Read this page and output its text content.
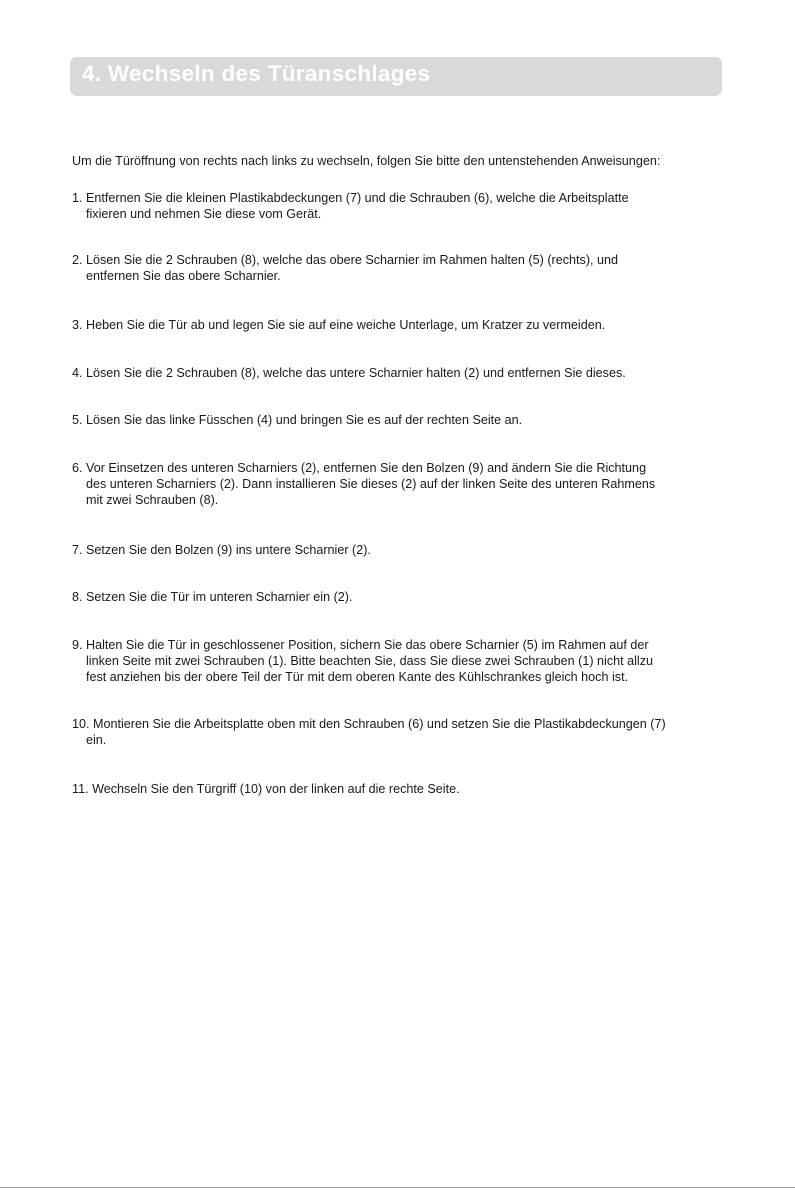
4. Wechseln des Türanschlages
Um die Türöffnung von rechts nach links zu wechseln, folgen Sie bitte den untenstehenden Anweisungen:
1. Entfernen Sie die kleinen Plastikabdeckungen (7) und die Schrauben (6), welche die Arbeitsplatte
fixieren und nehmen Sie diese vom Gerät.
2. Lösen Sie die 2 Schrauben (8), welche das obere Scharnier im Rahmen halten (5) (rechts), und
entfernen Sie das obere Scharnier.
3. Heben Sie die Tür ab und legen Sie sie auf eine weiche Unterlage, um Kratzer zu vermeiden.
4. Lösen Sie die 2 Schrauben (8), welche das untere Scharnier halten (2) und entfernen Sie dieses.
5. Lösen Sie das linke Füsschen (4) und bringen Sie es auf der rechten Seite an.
6. Vor Einsetzen des unteren Scharniers (2), entfernen Sie den Bolzen (9) and ändern Sie die Richtung
des unteren Scharniers (2). Dann installieren Sie dieses (2) auf der linken Seite des unteren Rahmens
mit zwei Schrauben (8).
7. Setzen Sie den Bolzen (9) ins untere Scharnier (2).
8. Setzen Sie die Tür im unteren Scharnier ein (2).
9. Halten Sie die Tür in geschlossener Position, sichern Sie das obere Scharnier (5) im Rahmen auf der
linken Seite mit zwei Schrauben (1). Bitte beachten Sie, dass Sie diese zwei Schrauben (1) nicht allzu
fest anziehen bis der obere Teil der Tür mit dem oberen Kante des Kühlschrankes gleich hoch ist.
10. Montieren Sie die Arbeitsplatte oben mit den Schrauben (6) und setzen Sie die Plastikabdeckungen (7)
ein.
11. Wechseln Sie den Türgriff (10) von der linken auf die rechte Seite.
